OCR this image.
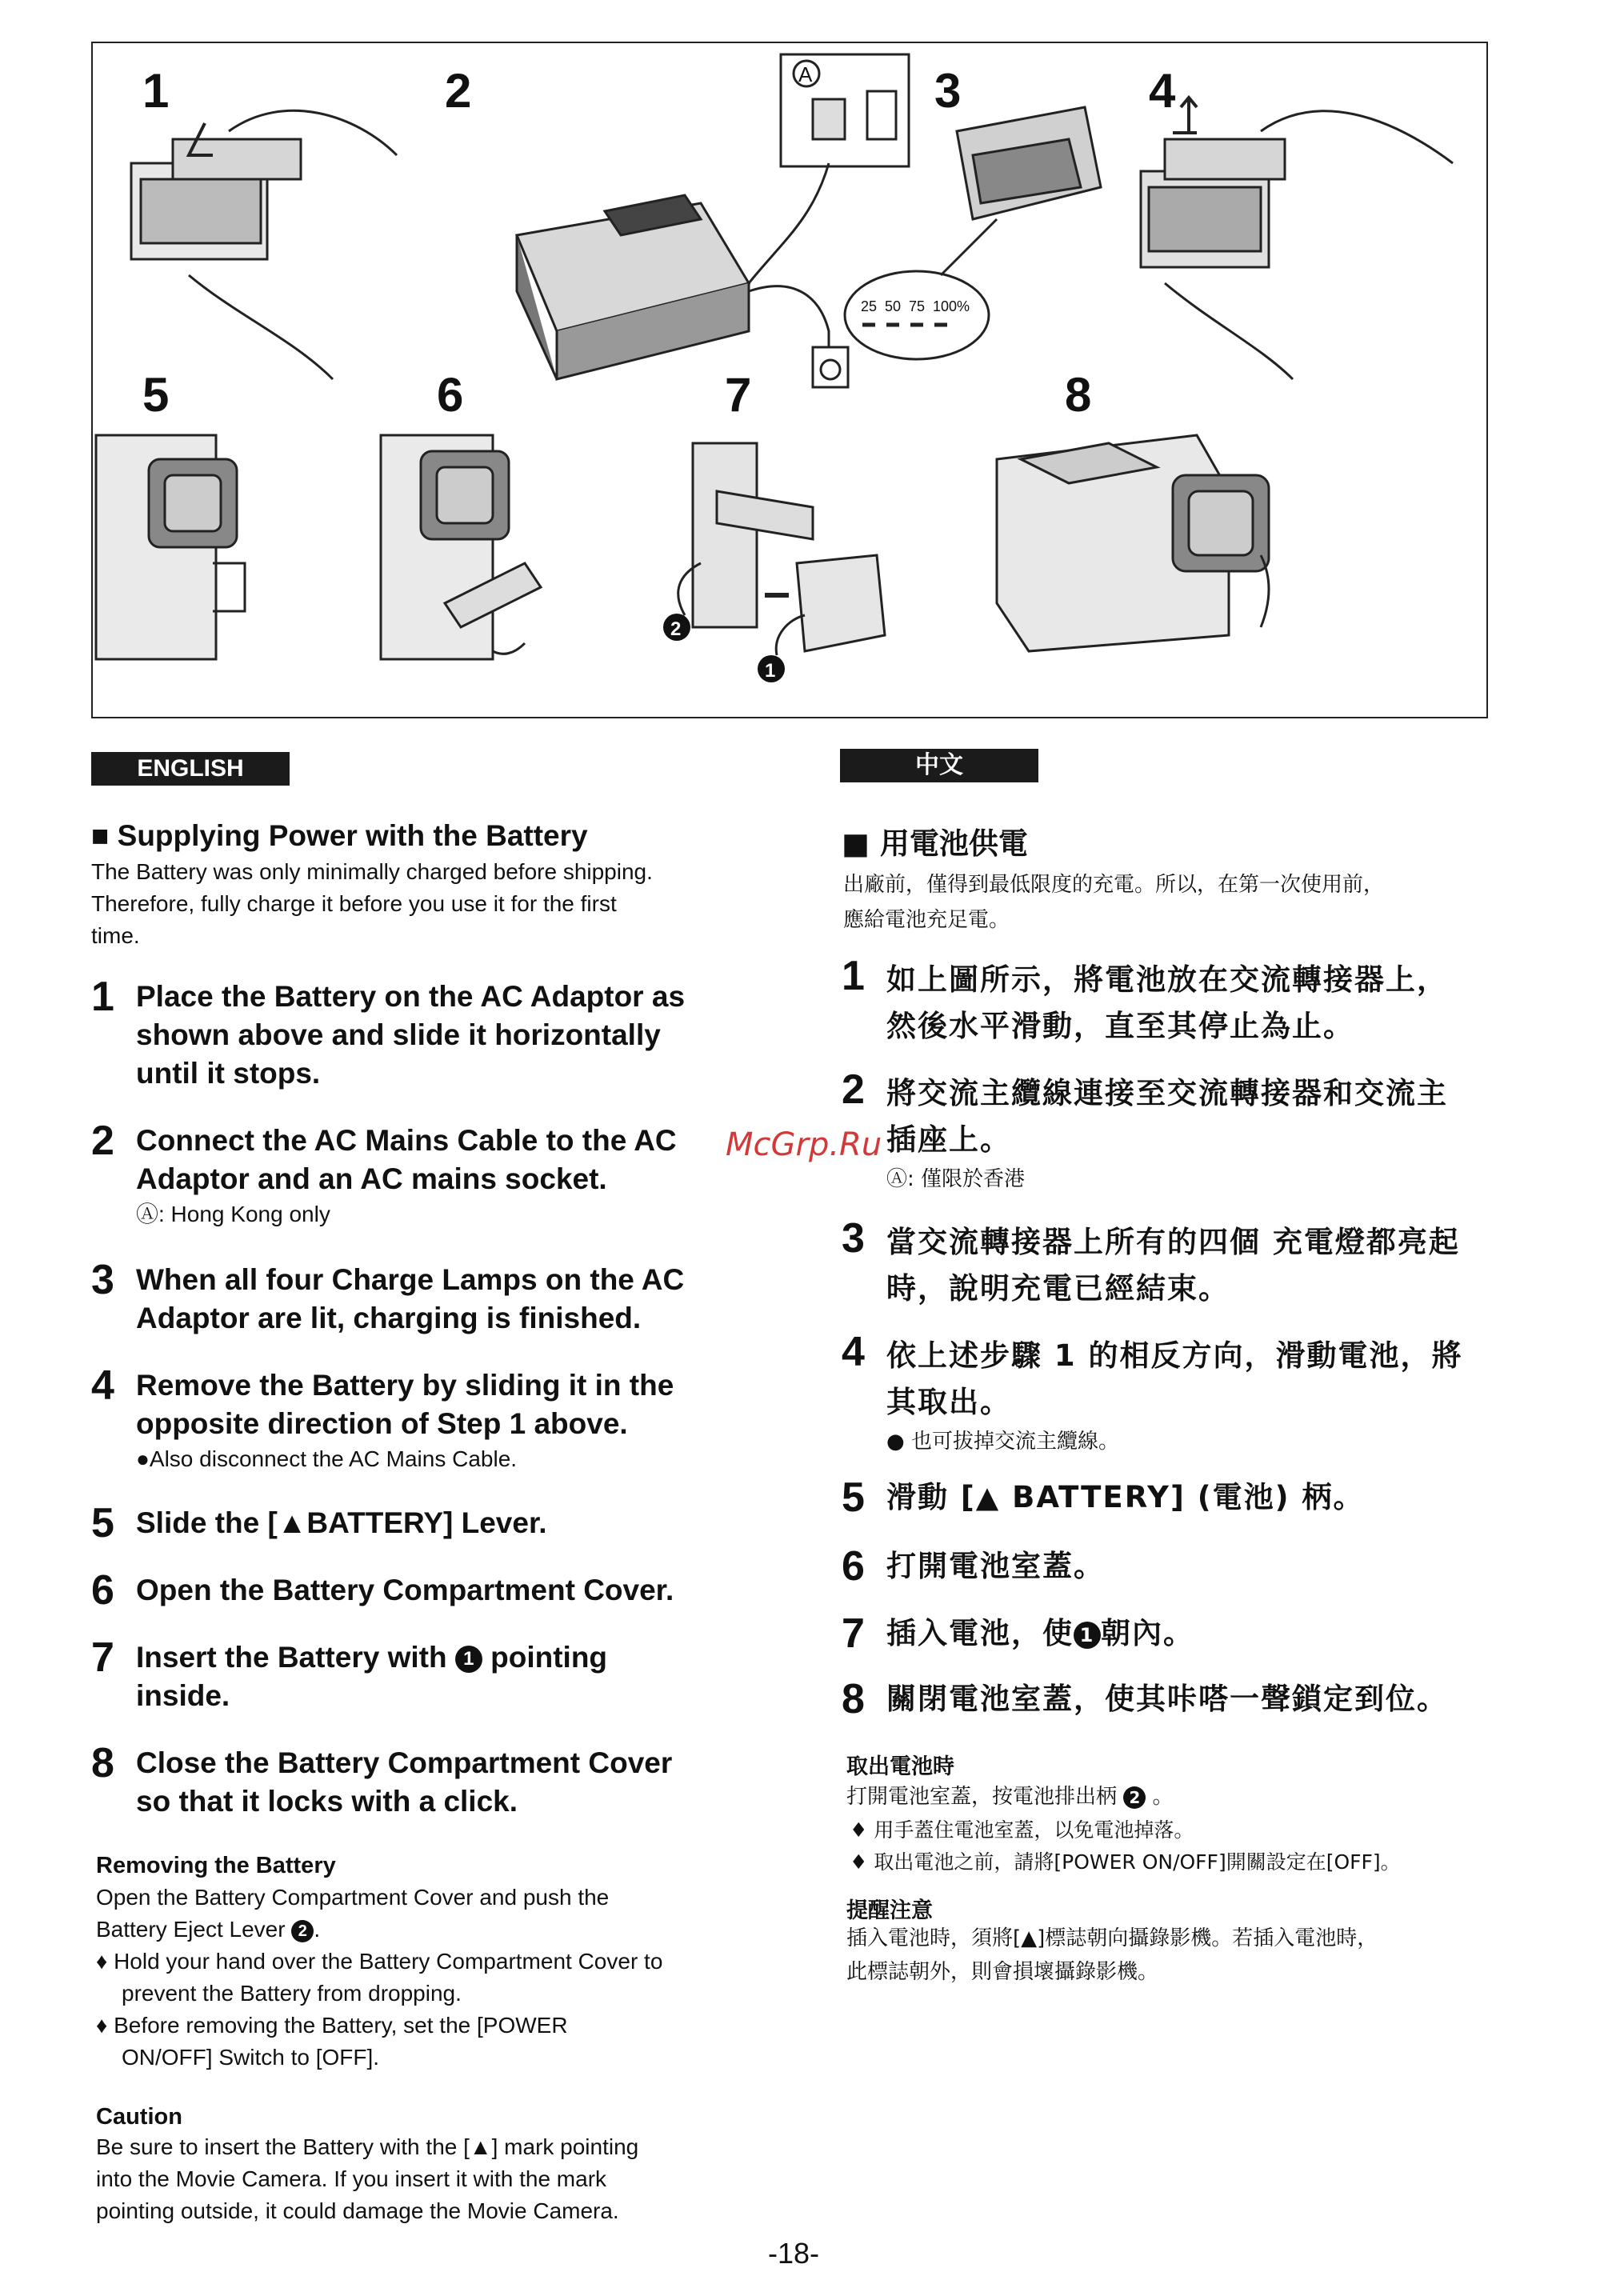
1	2	3	4
5	6	7	8
A
25 50 75 100%
2
1
ENGLISH
■ Supplying Power with the Battery
The Battery was only minimally charged before shipping.
Therefore, fully charge it before you use it for the first
time.
1 Place the Battery on the AC Adaptor as
shown above and slide it horizontally
until it stops.
2 Connect the AC Mains Cable to the AC
Adaptor and an AC mains socket.
Ⓐ: Hong Kong only
3 When all four Charge Lamps on the AC
Adaptor are lit, charging is finished.
4 Remove the Battery by sliding it in the
opposite direction of Step 1 above.
●Also disconnect the AC Mains Cable.
5 Slide the [▲BATTERY] Lever.
6 Open the Battery Compartment Cover.
7 Insert the Battery with 1 pointing
inside.
8 Close the Battery Compartment Cover
so that it locks with a click.
Removing the Battery
Open the Battery Compartment Cover and push the
Battery Eject Lever 2 .
♦ Hold your hand over the Battery Compartment Cover to
prevent the Battery from dropping.
♦ Before removing the Battery, set the [POWER
ON/OFF] Switch to [OFF].
Caution
Be sure to insert the Battery with the [▲] mark pointing
into the Movie Camera. If you insert it with the mark
pointing outside, it could damage the Movie Camera.
中文
■ 用電池供電
出廠前，僅得到最低限度的充電。所以，在第一次使用前，
應給電池充足電。
1 如上圖所示，將電池放在交流轉接器上，
然後水平滑動，直至其停止為止。
2 將交流主纜線連接至交流轉接器和交流主
插座上。
Ⓐ: 僅限於香港
3 當交流轉接器上所有的四個 充電燈都亮起
時，說明充電已經結束。
4 依上述步驟 1 的相反方向，滑動電池，將
其取出。
● 也可拔掉交流主纜線。
5 滑動 [▲ BATTERY] (電池) 柄。
6 打開電池室蓋。
7 插入電池，使 1 朝內。
8 關閉電池室蓋，使其咔嗒一聲鎖定到位。
取出電池時
打開電池室蓋，按電池排出柄 2 。
♦ 用手蓋住電池室蓋，以免電池掉落。
♦ 取出電池之前，請將[POWER ON/OFF]開關設定在[OFF]。
提醒注意
插入電池時，須將[▲]標誌朝向攝錄影機。若插入電池時，
此標誌朝外，則會損壞攝錄影機。
McGrp.Ru
-18-
